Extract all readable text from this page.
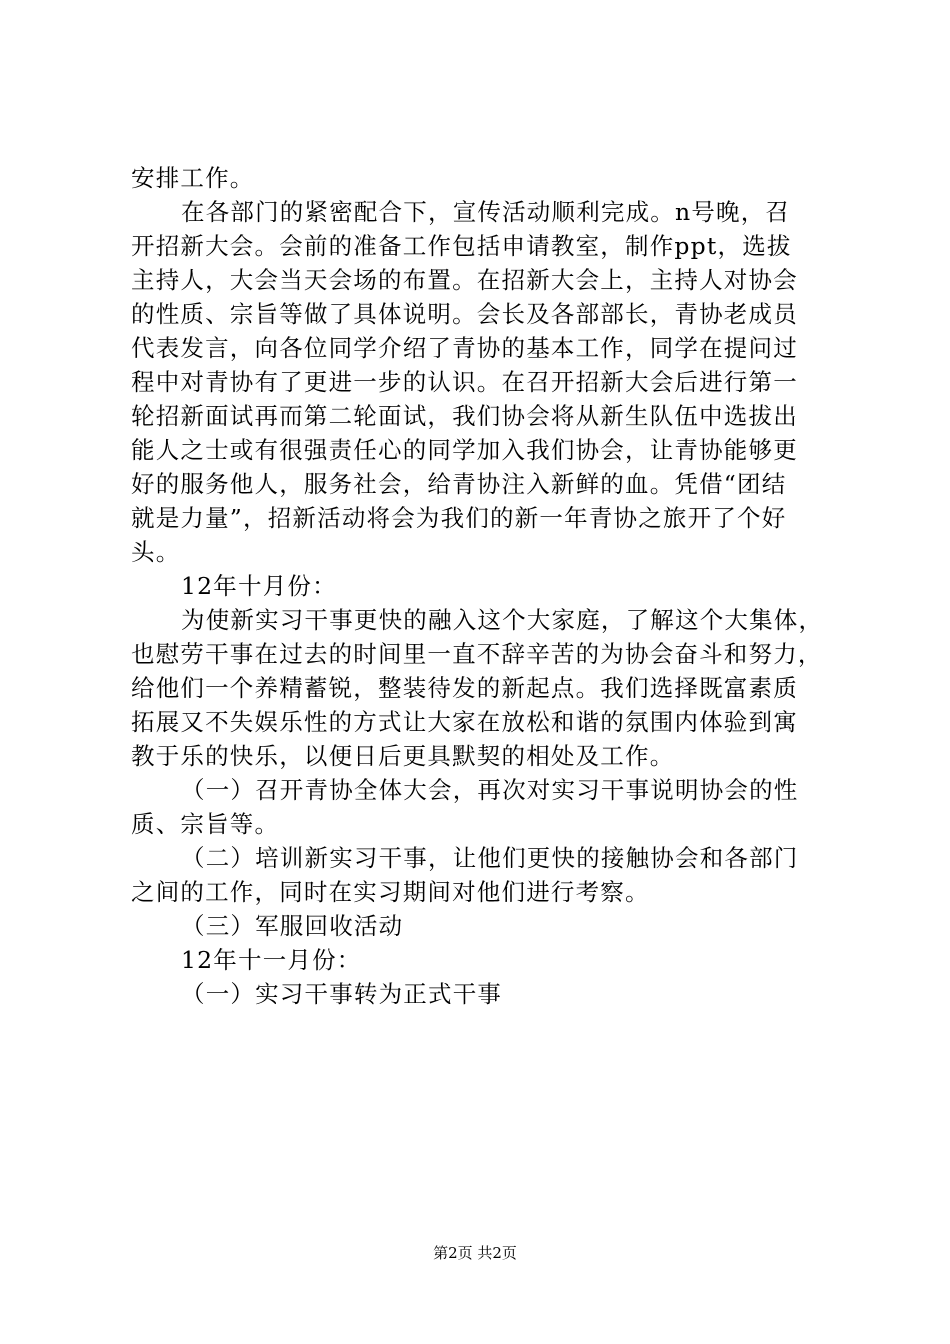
安排工作。
在各部门的紧密配合下，宣传活动顺利完成。n号晚，召
开招新大会。会前的准备工作包括申请教室，制作ppt，选拔
主持人，大会当天会场的布置。在招新大会上，主持人对协会
的性质、宗旨等做了具体说明。会长及各部部长，青协老成员
代表发言，向各位同学介绍了青协的基本工作，同学在提问过
程中对青协有了更进一步的认识。在召开招新大会后进行第一
轮招新面试再而第二轮面试，我们协会将从新生队伍中选拔出
能人之士或有很强责任心的同学加入我们协会，让青协能够更
好的服务他人，服务社会，给青协注入新鲜的血。凭借“团结
就是力量”，招新活动将会为我们的新一年青协之旅开了个好
头。
12年十月份：
为使新实习干事更快的融入这个大家庭，了解这个大集体，
也慰劳干事在过去的时间里一直不辞辛苦的为协会奋斗和努力，
给他们一个养精蓄锐，整装待发的新起点。我们选择既富素质
拓展又不失娱乐性的方式让大家在放松和谐的氛围内体验到寓
教于乐的快乐，以便日后更具默契的相处及工作。
（一）召开青协全体大会，再次对实习干事说明协会的性
质、宗旨等。
（二）培训新实习干事，让他们更快的接触协会和各部门
之间的工作，同时在实习期间对他们进行考察。
（三）军服回收活动
12年十一月份：
（一）实习干事转为正式干事
第2页 共2页
